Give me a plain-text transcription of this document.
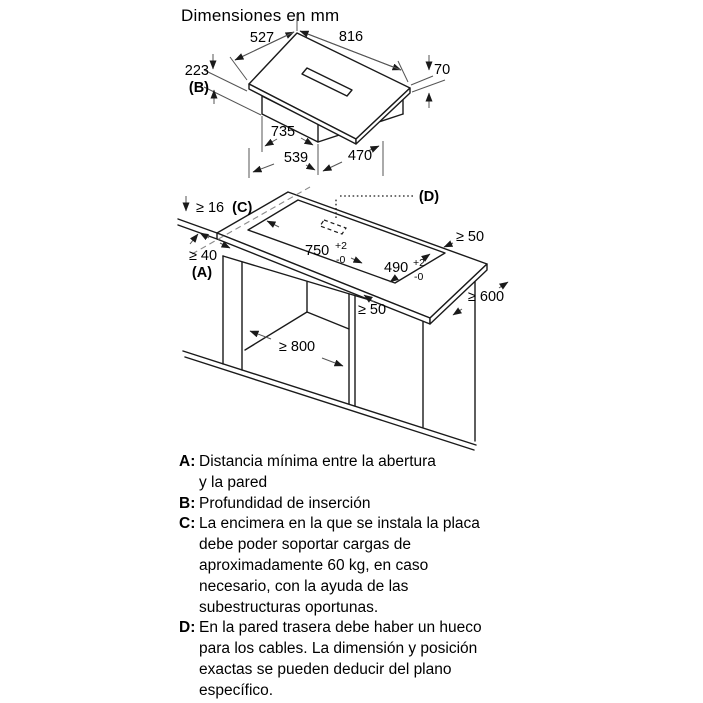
Dimensiones en mm
527	816
223
(B)
70
735
539	470
(D)
≥ 16 (C)
≥ 40
(A)
750 +2
-0	490 +2
-0
≥ 50
≥ 50
≥ 600
≥ 800
A: Distancia mínima entre la abertura
y la pared
B: Profundidad de inserción
C: La encimera en la que se instala la placa
debe poder soportar cargas de
aproximadamente 60 kg, en caso
necesario, con la ayuda de las
subestructuras oportunas.
D: En la pared trasera debe haber un hueco
para los cables. La dimensión y posición
exactas se pueden deducir del plano
específico.
